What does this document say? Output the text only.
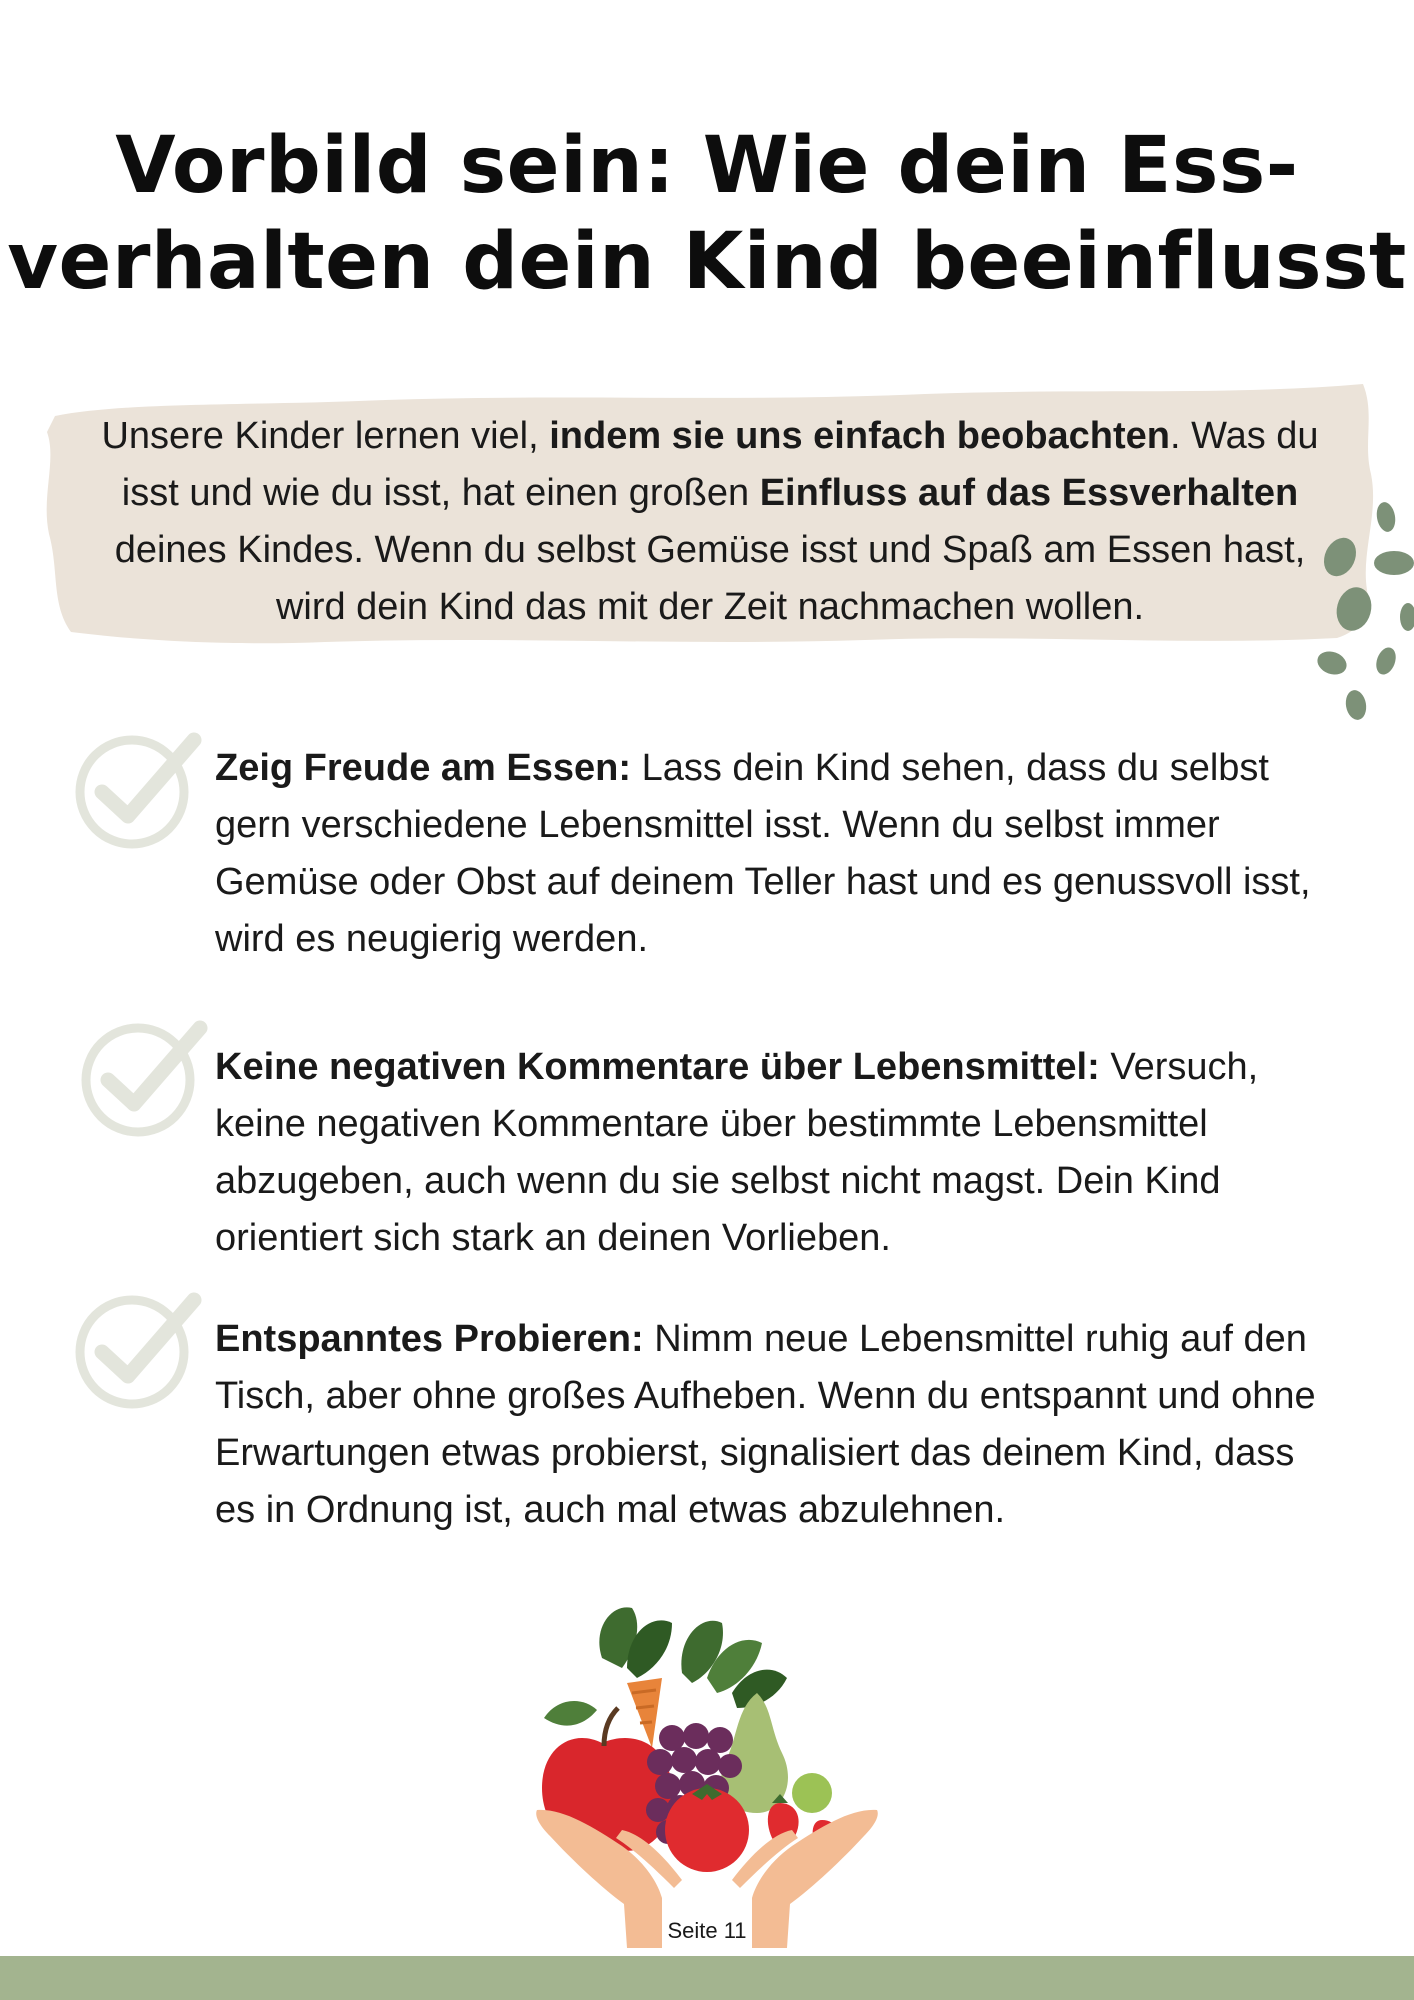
Vorbild sein: Wie dein Ess-
verhalten dein Kind beeinflusst

Unsere Kinder lernen viel, indem sie uns einfach beobachten. Was du isst und wie du isst, hat einen großen Einfluss auf das Essverhalten deines Kindes. Wenn du selbst Gemüse isst und Spaß am Essen hast, wird dein Kind das mit der Zeit nachmachen wollen.

Zeig Freude am Essen: Lass dein Kind sehen, dass du selbst gern verschiedene Lebensmittel isst. Wenn du selbst immer Gemüse oder Obst auf deinem Teller hast und es genussvoll isst, wird es neugierig werden.

Keine negativen Kommentare über Lebensmittel: Versuch, keine negativen Kommentare über bestimmte Lebensmittel abzugeben, auch wenn du sie selbst nicht magst. Dein Kind orientiert sich stark an deinen Vorlieben.

Entspanntes Probieren: Nimm neue Lebensmittel ruhig auf den Tisch, aber ohne großes Aufheben. Wenn du entspannt und ohne Erwartungen etwas probierst, signalisiert das deinem Kind, dass es in Ordnung ist, auch mal etwas abzulehnen.

Seite 11
